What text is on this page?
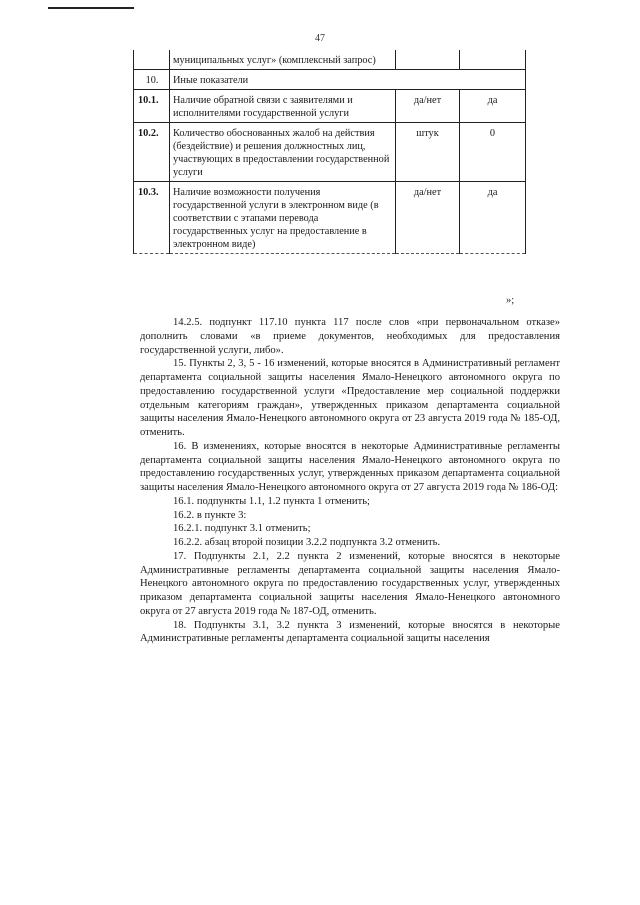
47
	муниципальных услуг» (комплексный запрос)		
10.	Иные показатели		
10.1.	Наличие обратной связи с заявителями и исполнителями государственной услуги	да/нет	да
10.2.	Количество обоснованных жалоб на действия (бездействие) и решения должностных лиц, участвующих в предоставлении государственной услуги	штук	0
10.3.	Наличие возможности получения государственной услуги в электронном виде (в соответствии с этапами перевода государственных услуг на предоставление в электронном виде)	да/нет	да
»;

14.2.5. подпункт 117.10 пункта 117 после слов «при первоначальном отказе» дополнить словами «в приеме документов, необходимых для предоставления государственной услуги, либо».

15. Пункты 2, 3, 5 - 16 изменений, которые вносятся в Административный регламент департамента социальной защиты населения Ямало-Ненецкого автономного округа по предоставлению государственной услуги «Предоставление мер социальной поддержки отдельным категориям граждан», утвержденных приказом департамента социальной защиты населения Ямало-Ненецкого автономного округа от 23 августа 2019 года № 185-ОД, отменить.

16. В изменениях, которые вносятся в некоторые Административные регламенты департамента социальной защиты населения Ямало-Ненецкого автономного округа по предоставлению государственных услуг, утвержденных приказом департамента социальной защиты населения Ямало-Ненецкого автономного округа от 27 августа 2019 года № 186-ОД:

16.1. подпункты 1.1, 1.2 пункта 1 отменить;

16.2. в пункте 3:

16.2.1. подпункт 3.1 отменить;

16.2.2. абзац второй позиции 3.2.2 подпункта 3.2 отменить.

17. Подпункты 2.1, 2.2 пункта 2 изменений, которые вносятся в некоторые Административные регламенты департамента социальной защиты населения Ямало-Ненецкого автономного округа по предоставлению государственных услуг, утвержденных приказом департамента социальной защиты населения Ямало-Ненецкого автономного округа от 27 августа 2019 года № 187-ОД, отменить.

18. Подпункты 3.1, 3.2 пункта 3 изменений, которые вносятся в некоторые Административные регламенты департамента социальной защиты населения
